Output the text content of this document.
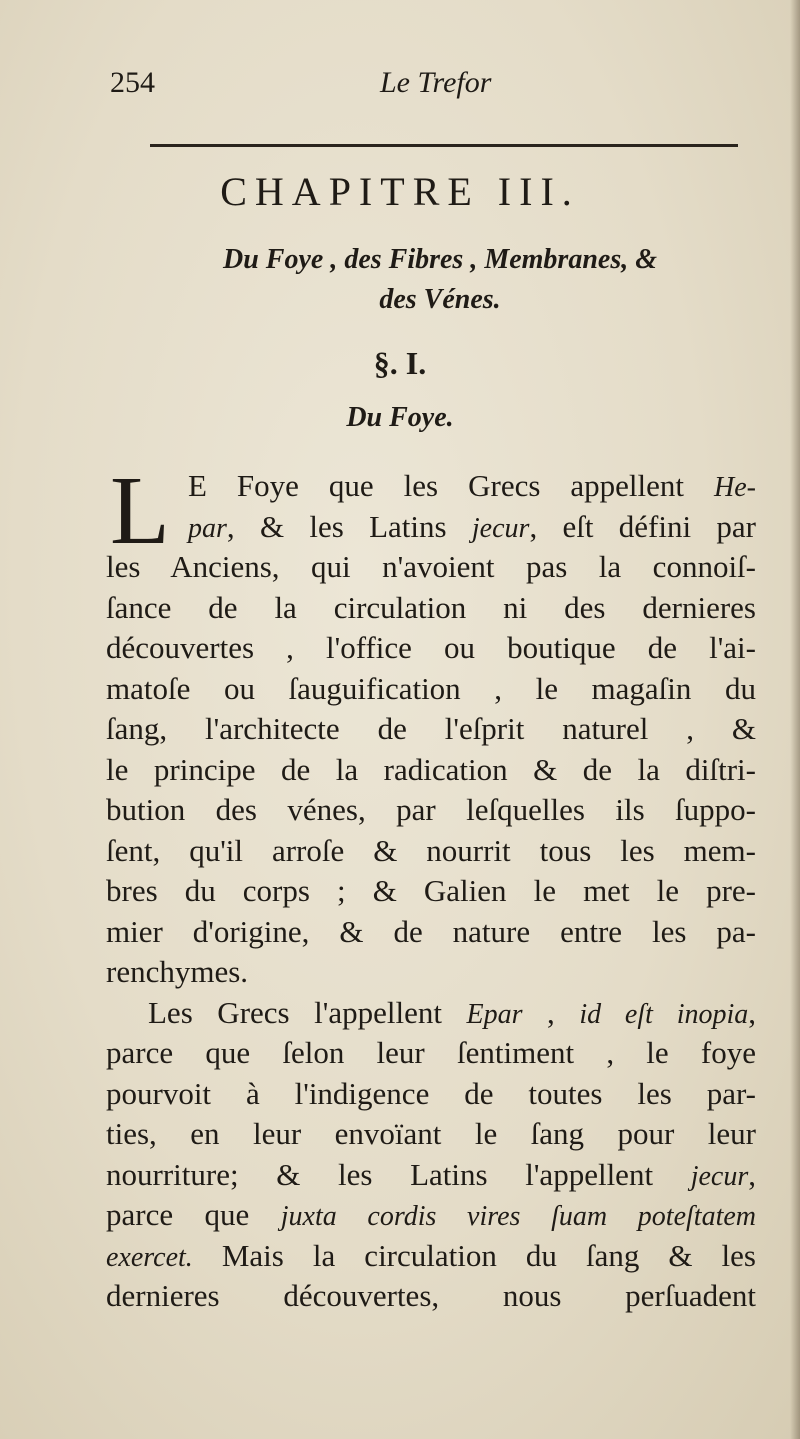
254	Le Trefor
CHAPITRE III.
Du Foye , des Fibres , Membranes, &
des Vénes.
§. I.
Du Foye.
L E Foye que les Grecs appellent He-
par, & les Latins jecur, eſt défini par
les Anciens, qui n'avoient pas la connoiſ-
ſance de la circulation ni des dernieres
découvertes , l'office ou boutique de l'ai-
matoſe ou ſauguification , le magaſin du
ſang, l'architecte de l'eſprit naturel , &
le principe de la radication & de la diſtri-
bution des vénes, par leſquelles ils ſuppo-
ſent, qu'il arroſe & nourrit tous les mem-
bres du corps ; & Galien le met le pre-
mier d'origine, & de nature entre les pa-
renchymes.
Les Grecs l'appellent Epar , id eſt inopia,
parce que ſelon leur ſentiment , le foye
pourvoit à l'indigence de toutes les par-
ties, en leur envoïant le ſang pour leur
nourriture; & les Latins l'appellent jecur,
parce que juxta cordis vires ſuam poteſtatem
exercet. Mais la circulation du ſang & les
dernieres découvertes, nous perſuadent
